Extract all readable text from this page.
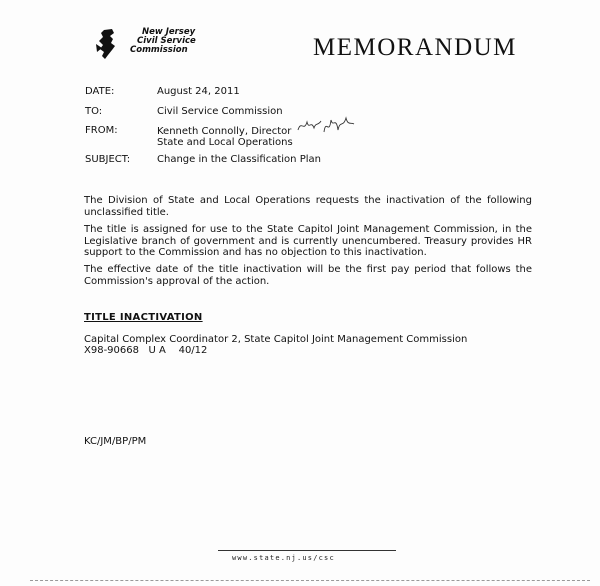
New Jersey
Civil Service
Commission	MEMORANDUM
DATE:	August 24, 2011
TO:	Civil Service Commission
FROM:	Kenneth Connolly, Director
State and Local Operations
SUBJECT:	Change in the Classification Plan
The Division of State and Local Operations requests the inactivation of the following unclassified title.
The title is assigned for use to the State Capitol Joint Management Commission, in the Legislative branch of government and is currently unencumbered. Treasury provides HR support to the Commission and has no objection to this inactivation.
The effective date of the title inactivation will be the first pay period that follows the Commission's approval of the action.
TITLE INACTIVATION
Capital Complex Coordinator 2, State Capitol Joint Management Commission
X98-90668   U A    40/12
KC/JM/BP/PM
www.state.nj.us/csc
